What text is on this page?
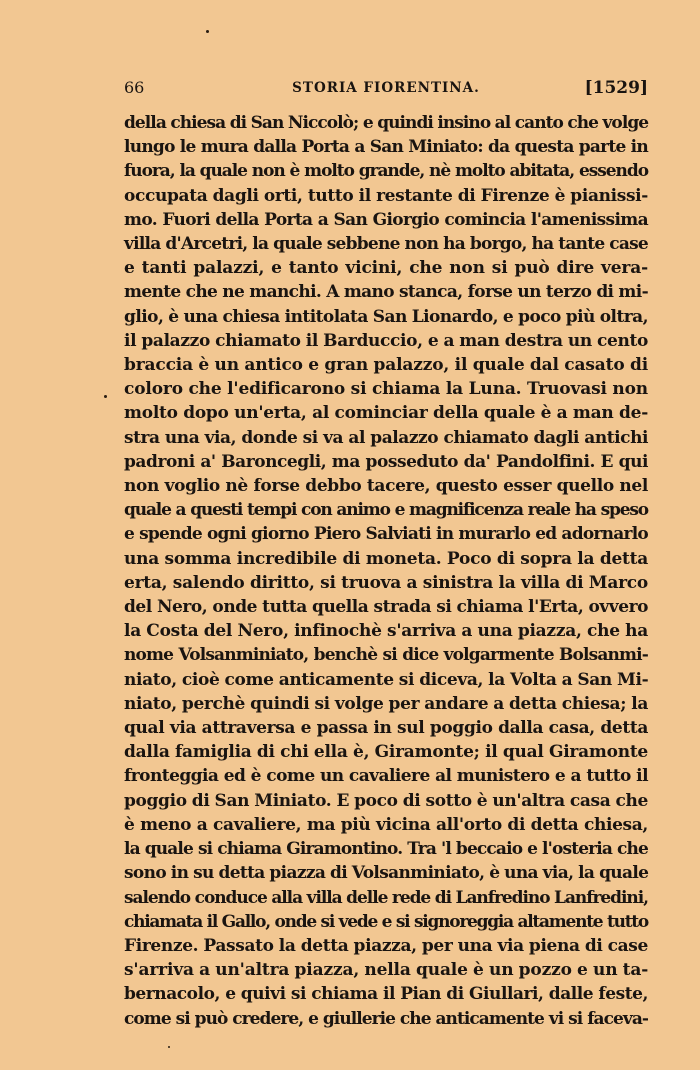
66	STORIA FIORENTINA.	[1529]
della chiesa di San Niccolò; e quindi insino al canto che volge
lungo le mura dalla Porta a San Miniato: da questa parte in
fuora, la quale non è molto grande, nè molto abitata, essendo
occupata dagli orti, tutto il restante di Firenze è pianissi-
mo. Fuori della Porta a San Giorgio comincia l'amenissima
villa d'Arcetri, la quale sebbene non ha borgo, ha tante case
e tanti palazzi, e tanto vicini, che non si può dire vera-
mente che ne manchi. A mano stanca, forse un terzo di mi-
glio, è una chiesa intitolata San Lionardo, e poco più oltra,
il palazzo chiamato il Barduccio, e a man destra un cento
braccia è un antico e gran palazzo, il quale dal casato di
coloro che l'edificarono si chiama la Luna. Truovasi non
molto dopo un'erta, al cominciar della quale è a man de-
stra una via, donde si va al palazzo chiamato dagli antichi
padroni a' Baroncegli, ma posseduto da' Pandolfini. E qui
non voglio nè forse debbo tacere, questo esser quello nel
quale a questi tempi con animo e magnificenza reale ha speso
e spende ogni giorno Piero Salviati in murarlo ed adornarlo
una somma incredibile di moneta. Poco di sopra la detta
erta, salendo diritto, si truova a sinistra la villa di Marco
del Nero, onde tutta quella strada si chiama l'Erta, ovvero
la Costa del Nero, infinochè s'arriva a una piazza, che ha
nome Volsanminiato, benchè si dice volgarmente Bolsanmi-
niato, cioè come anticamente si diceva, la Volta a San Mi-
niato, perchè quindi si volge per andare a detta chiesa; la
qual via attraversa e passa in sul poggio dalla casa, detta
dalla famiglia di chi ella è, Giramonte; il qual Giramonte
fronteggia ed è come un cavaliere al munistero e a tutto il
poggio di San Miniato. E poco di sotto è un'altra casa che
è meno a cavaliere, ma più vicina all'orto di detta chiesa,
la quale si chiama Giramontino. Tra 'l beccaio e l'osteria che
sono in su detta piazza di Volsanminiato, è una via, la quale
salendo conduce alla villa delle rede di Lanfredino Lanfredini,
chiamata il Gallo, onde si vede e si signoreggia altamente tutto
Firenze. Passato la detta piazza, per una via piena di case
s'arriva a un'altra piazza, nella quale è un pozzo e un ta-
bernacolo, e quivi si chiama il Pian di Giullari, dalle feste,
come si può credere, e giullerie che anticamente vi si faceva-
